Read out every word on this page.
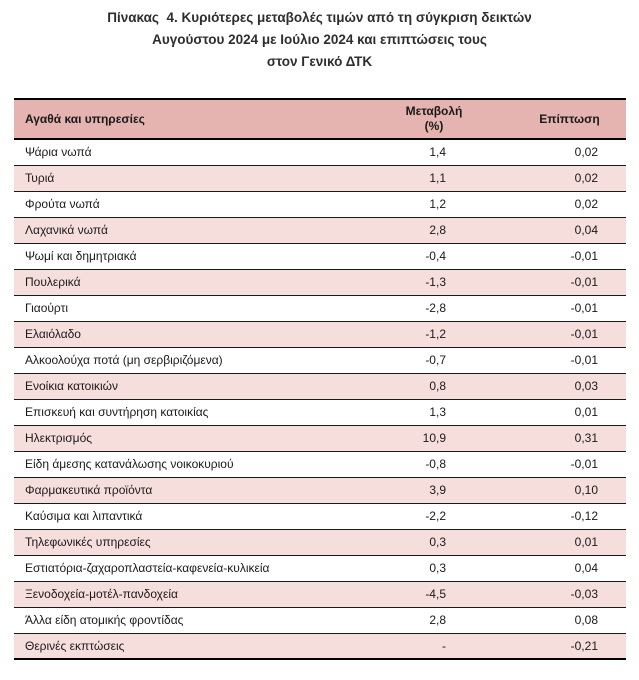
Πίνακας  4. Κυριότερες μεταβολές τιμών από τη σύγκριση δεικτών
Αυγούστου 2024 με Ιούλιο 2024 και επιπτώσεις τους
στον Γενικό ΔΤΚ
Αγαθά και υπηρεσίες	Μεταβολή (%)	Επίπτωση
Ψάρια νωπά	1,4	0,02
Τυριά	1,1	0,02
Φρούτα νωπά	1,2	0,02
Λαχανικά νωπά	2,8	0,04
Ψωμί και δημητριακά	-0,4	-0,01
Πουλερικά	-1,3	-0,01
Γιαούρτι	-2,8	-0,01
Ελαιόλαδο	-1,2	-0,01
Αλκοολούχα ποτά (μη σερβιριζόμενα)	-0,7	-0,01
Ενοίκια κατοικιών	0,8	0,03
Επισκευή και συντήρηση κατοικίας	1,3	0,01
Ηλεκτρισμός	10,9	0,31
Είδη άμεσης κατανάλωσης νοικοκυριού	-0,8	-0,01
Φαρμακευτικά προϊόντα	3,9	0,10
Καύσιμα και λιπαντικά	-2,2	-0,12
Τηλεφωνικές υπηρεσίες	0,3	0,01
Εστιατόρια-ζαχαροπλαστεία-καφενεία-κυλικεία	0,3	0,04
Ξενοδοχεία-μοτέλ-πανδοχεία	-4,5	-0,03
Άλλα είδη ατομικής φροντίδας	2,8	0,08
Θερινές εκπτώσεις	-	-0,21
